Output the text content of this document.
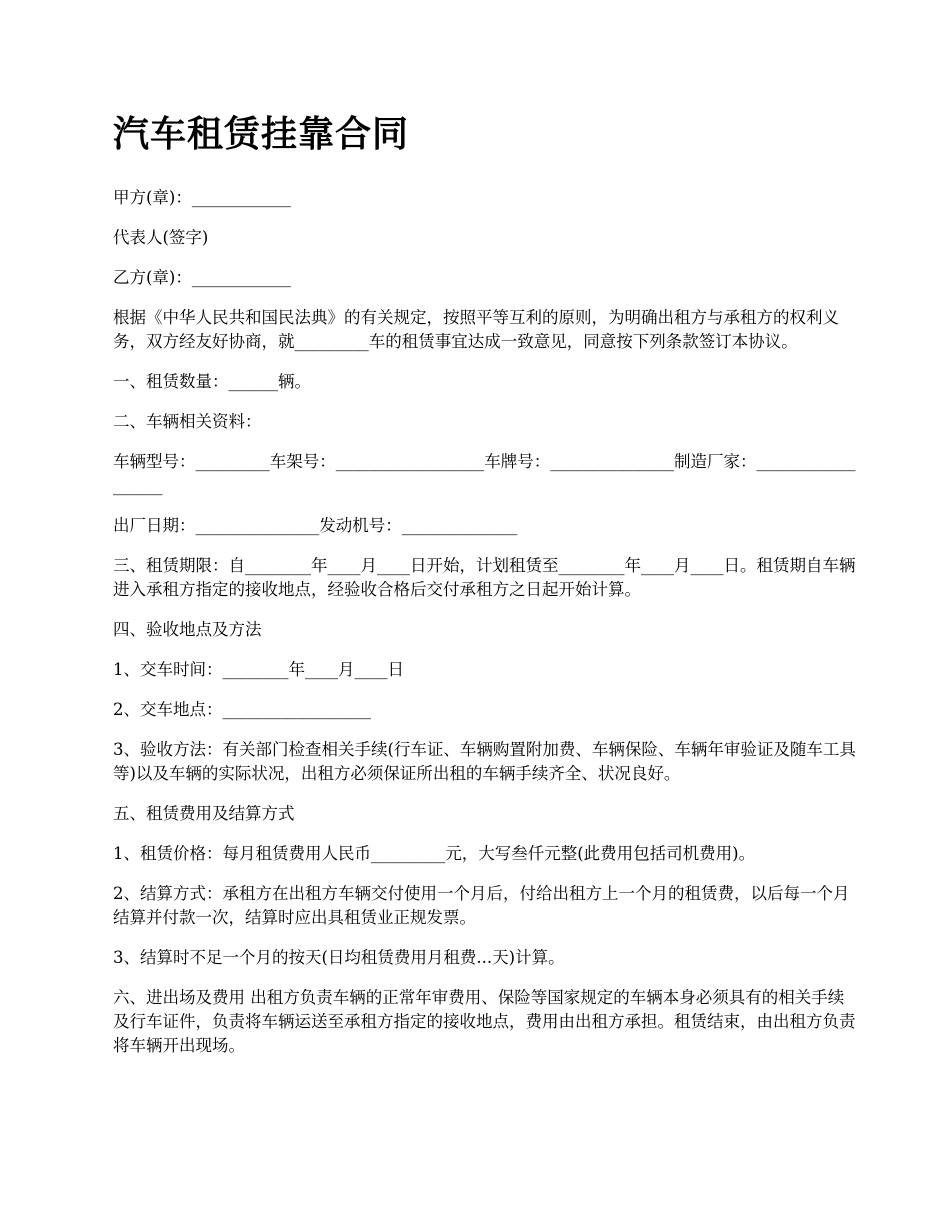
汽车租赁挂靠合同

甲方(章)：____________

代表人(签字)

乙方(章)：____________

根据《中华人民共和国民法典》的有关规定，按照平等互利的原则，为明确出租方与承租方的权利义务，双方经友好协商，就_________车的租赁事宜达成一致意见，同意按下列条款签订本协议。

一、租赁数量：______辆。

二、车辆相关资料：

车辆型号：_________车架号：__________________车牌号：_______________制造厂家：__________________

出厂日期：_______________发动机号：______________

三、租赁期限：自________年____月____日开始，计划租赁至________年____月____日。租赁期自车辆进入承租方指定的接收地点，经验收合格后交付承租方之日起开始计算。

四、验收地点及方法

1、交车时间：________年____月____日

2、交车地点：__________________

3、验收方法：有关部门检查相关手续(行车证、车辆购置附加费、车辆保险、车辆年审验证及随车工具等)以及车辆的实际状况，出租方必须保证所出租的车辆手续齐全、状况良好。

五、租赁费用及结算方式

1、租赁价格：每月租赁费用人民币_________元，大写叁仟元整(此费用包括司机费用)。

2、结算方式：承租方在出租方车辆交付使用一个月后，付给出租方上一个月的租赁费，以后每一个月结算并付款一次，结算时应出具租赁业正规发票。

3、结算时不足一个月的按天(日均租赁费用月租费...天)计算。

六、进出场及费用 出租方负责车辆的正常年审费用、保险等国家规定的车辆本身必须具有的相关手续及行车证件，负责将车辆运送至承租方指定的接收地点，费用由出租方承担。租赁结束，由出租方负责将车辆开出现场。
